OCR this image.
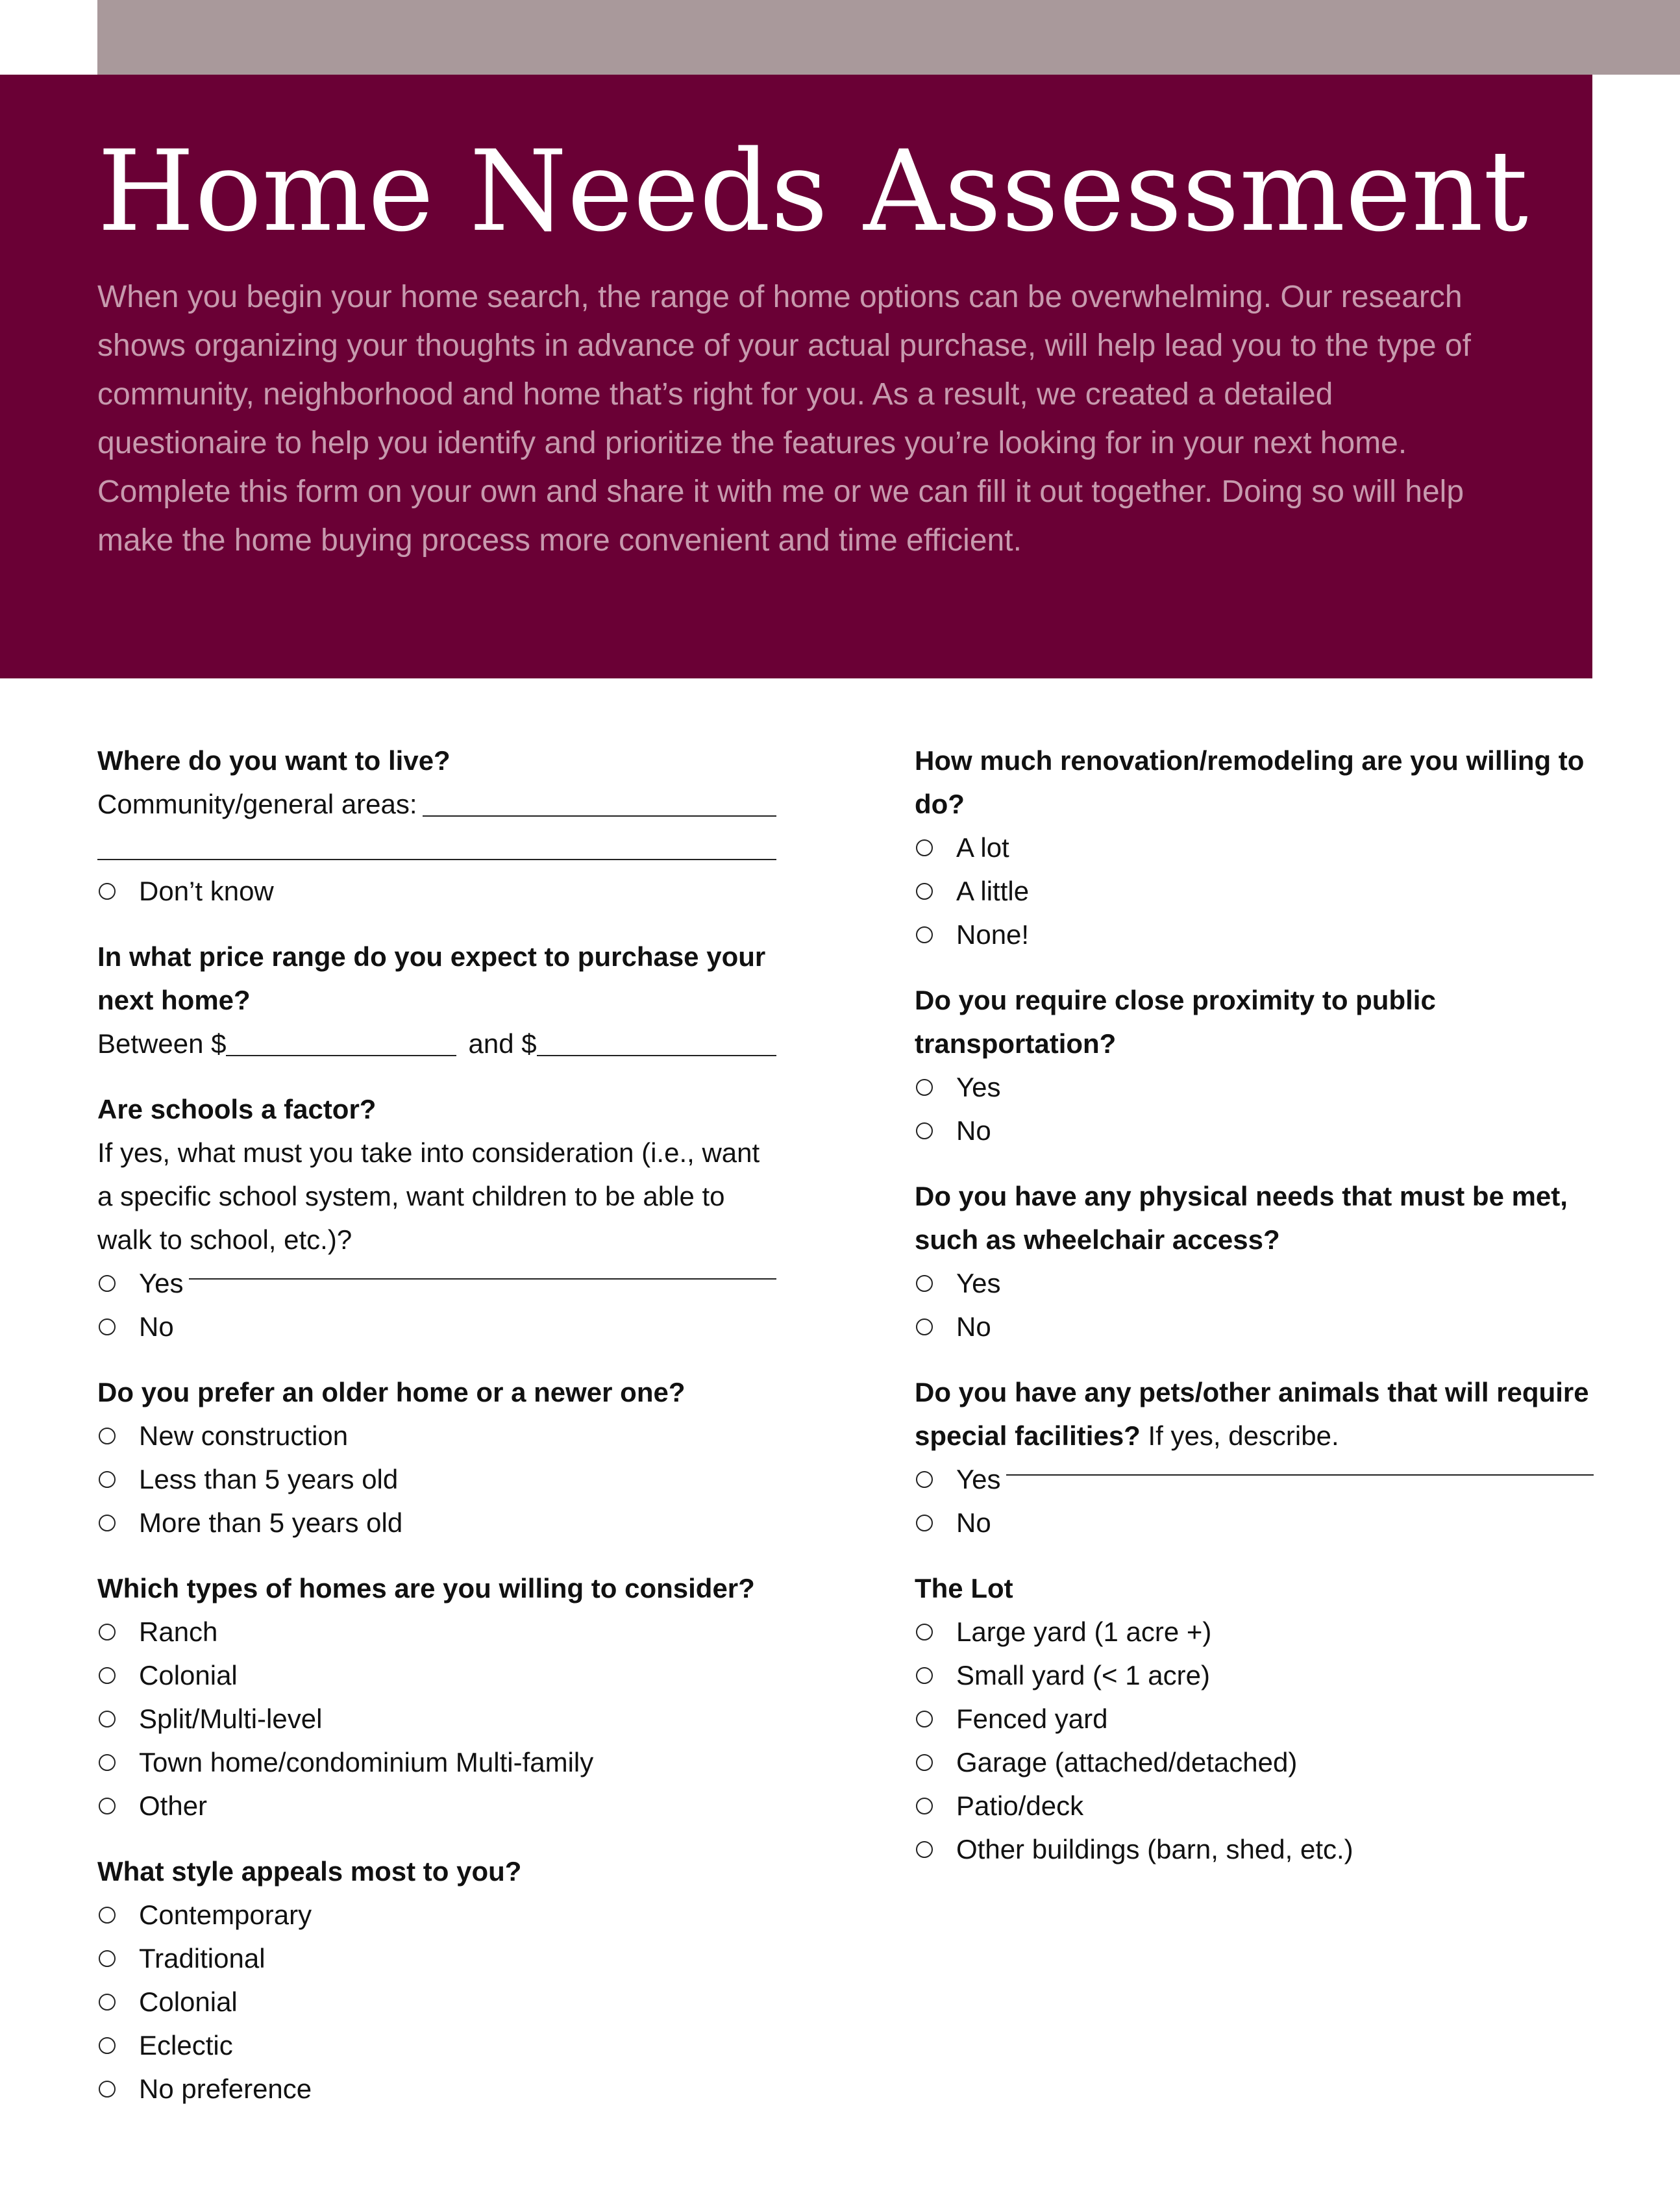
Home Needs Assessment

When you begin your home search, the range of home options can be overwhelming. Our research shows organizing your thoughts in advance of your actual purchase, will help lead you to the type of community, neighborhood and home that’s right for you. As a result, we created a detailed questionaire to help you identify and prioritize the features you’re looking for in your next home. Complete this form on your own and share it with me or we can fill it out together. Doing so will help make the home buying process more convenient and time efficient.

Where do you want to live?

Community/general areas:
Don’t know

In what price range do you expect to purchase your next home?

Between $	and $

Are schools a factor?

If yes, what must you take into consideration (i.e., want a specific school system, want children to be able to walk to school, etc.)?
Yes
No

Do you prefer an older home or a newer one?

New construction
Less than 5 years old
More than 5 years old

Which types of homes are you willing to consider?

Ranch
Colonial
Split/Multi-level
Town home/condominium Multi-family
Other

What style appeals most to you?

Contemporary
Traditional
Colonial
Eclectic
No preference

How much renovation/remodeling are you willing to do?

A lot
A little
None!

Do you require close proximity to public transportation?

Yes
No

Do you have any physical needs that must be met, such as wheelchair access?

Yes
No

Do you have any pets/other animals that will require special facilities? If yes, describe.

Yes
No

The Lot

Large yard (1 acre +)
Small yard (< 1 acre)
Fenced yard
Garage (attached/detached)
Patio/deck
Other buildings (barn, shed, etc.)
